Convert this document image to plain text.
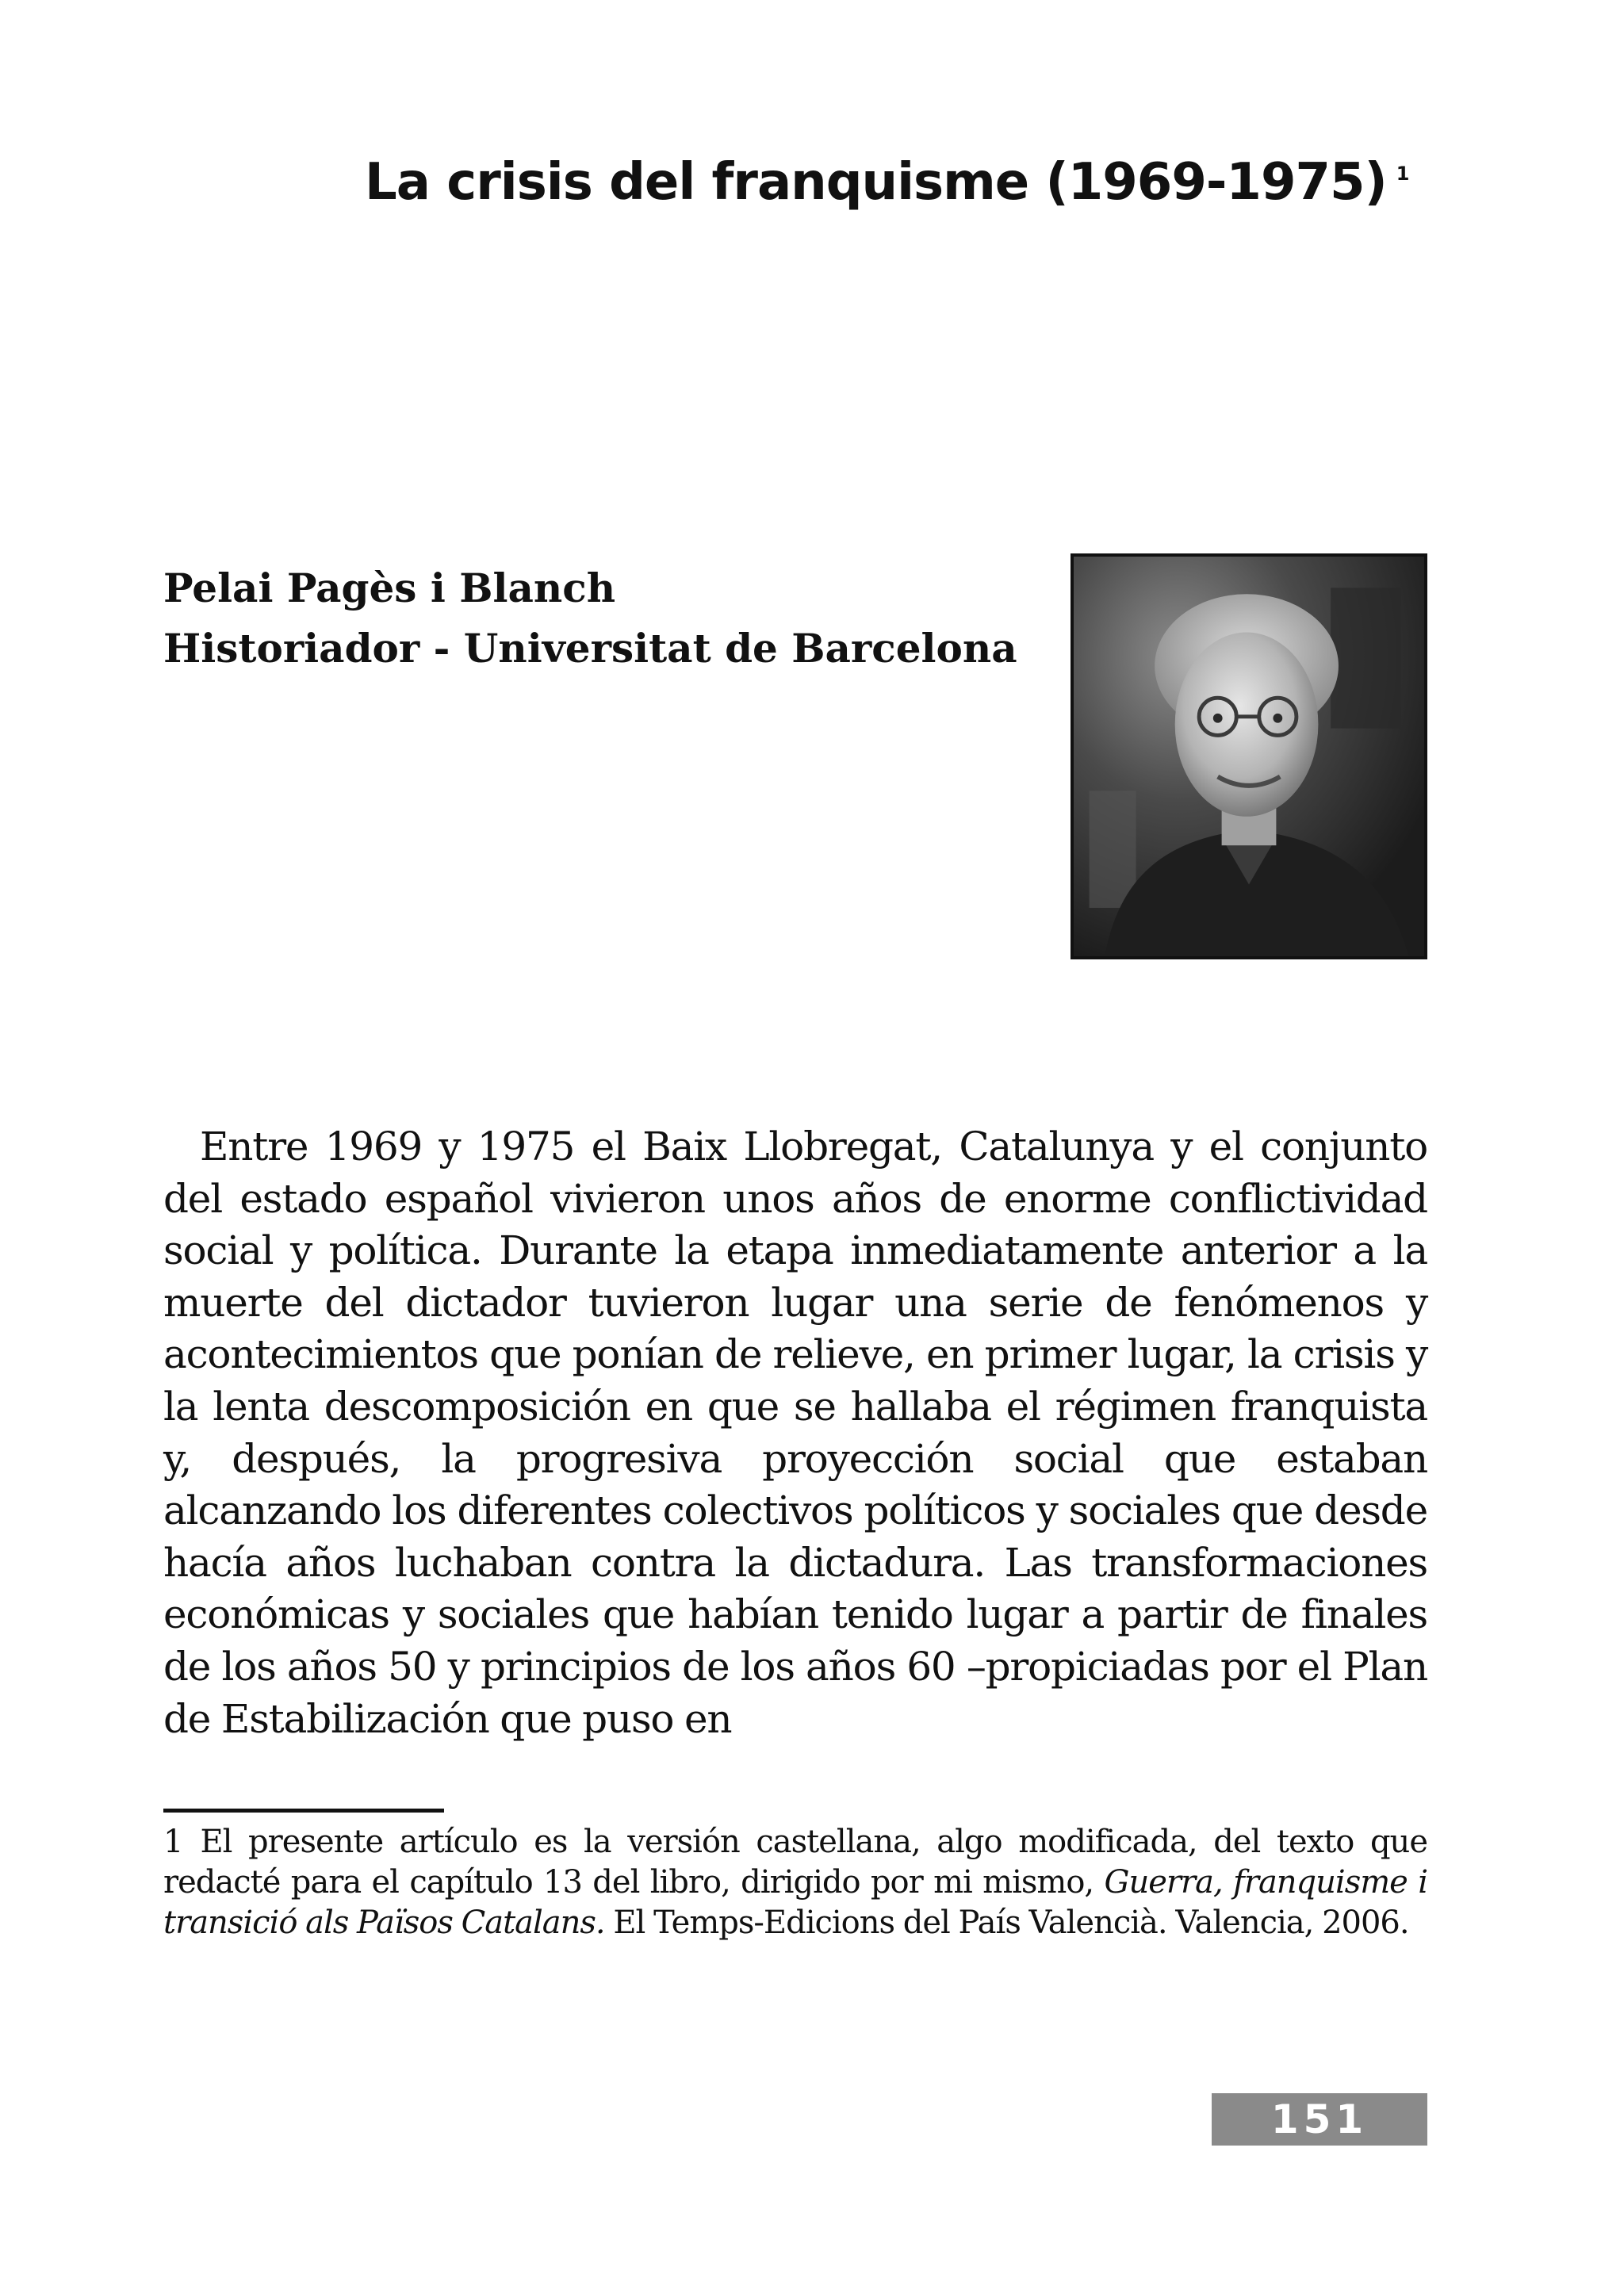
La crisis del franquisme (1969-1975) $^1$
Pelai Pagès i Blanch
Historiador - Universitat de Barcelona

Entre 1969 y 1975 el Baix Llobregat, Catalunya y el conjunto del estado español vivieron unos años de enorme conflictividad social y política. Durante la etapa inmediatamente anterior a la muerte del dictador tuvieron lugar una serie de fenómenos y acontecimientos que ponían de relieve, en primer lugar, la crisis y la lenta descomposición en que se hallaba el régimen franquista y, después, la progresiva proyección social que estaban alcanzando los diferentes colectivos políticos y sociales que desde hacía años luchaban contra la dictadura. Las transformaciones económicas y sociales que habían tenido lugar a partir de finales de los años 50 y principios de los años 60 –propiciadas por el Plan de Estabilización que puso en

1 El presente artículo es la versión castellana, algo modificada, del texto que redacté para el capítulo 13 del libro, dirigido por mi mismo, Guerra, franquisme i transició als Països Catalans. El Temps-Edicions del País Valencià. Valencia, 2006.

151
